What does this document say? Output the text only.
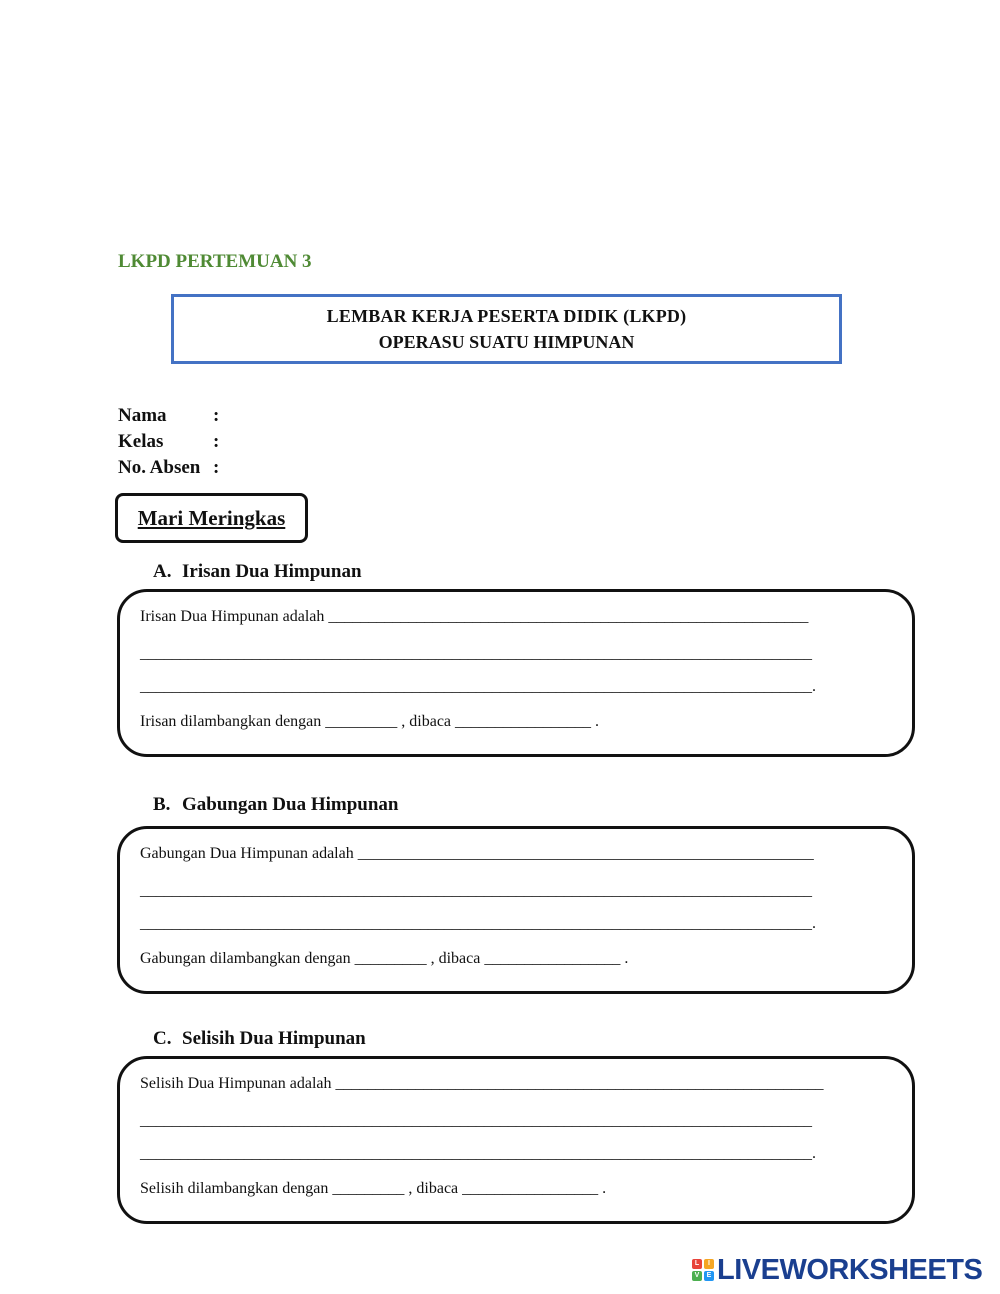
LKPD PERTEMUAN 3
LEMBAR KERJA PESERTA DIDIK (LKPD)
OPERASU SUATU HIMPUNAN
Nama :
Kelas	:
No. Absen :
Mari Meringkas
A. Irisan Dua Himpunan
Irisan Dua Himpunan adalah ____________________________________________________________
____________________________________________________________________________________
____________________________________________________________________________________.
Irisan dilambangkan dengan _________ , dibaca _________________ .
B. Gabungan Dua Himpunan
Gabungan Dua Himpunan adalah _________________________________________________________
____________________________________________________________________________________
____________________________________________________________________________________.
Gabungan dilambangkan dengan _________ , dibaca _________________ .
C. Selisih Dua Himpunan
Selisih Dua Himpunan adalah _____________________________________________________________
____________________________________________________________________________________
____________________________________________________________________________________.
Selisih dilambangkan dengan _________ , dibaca _________________ .
L	I
V	E LIVEWORKSHEETS
